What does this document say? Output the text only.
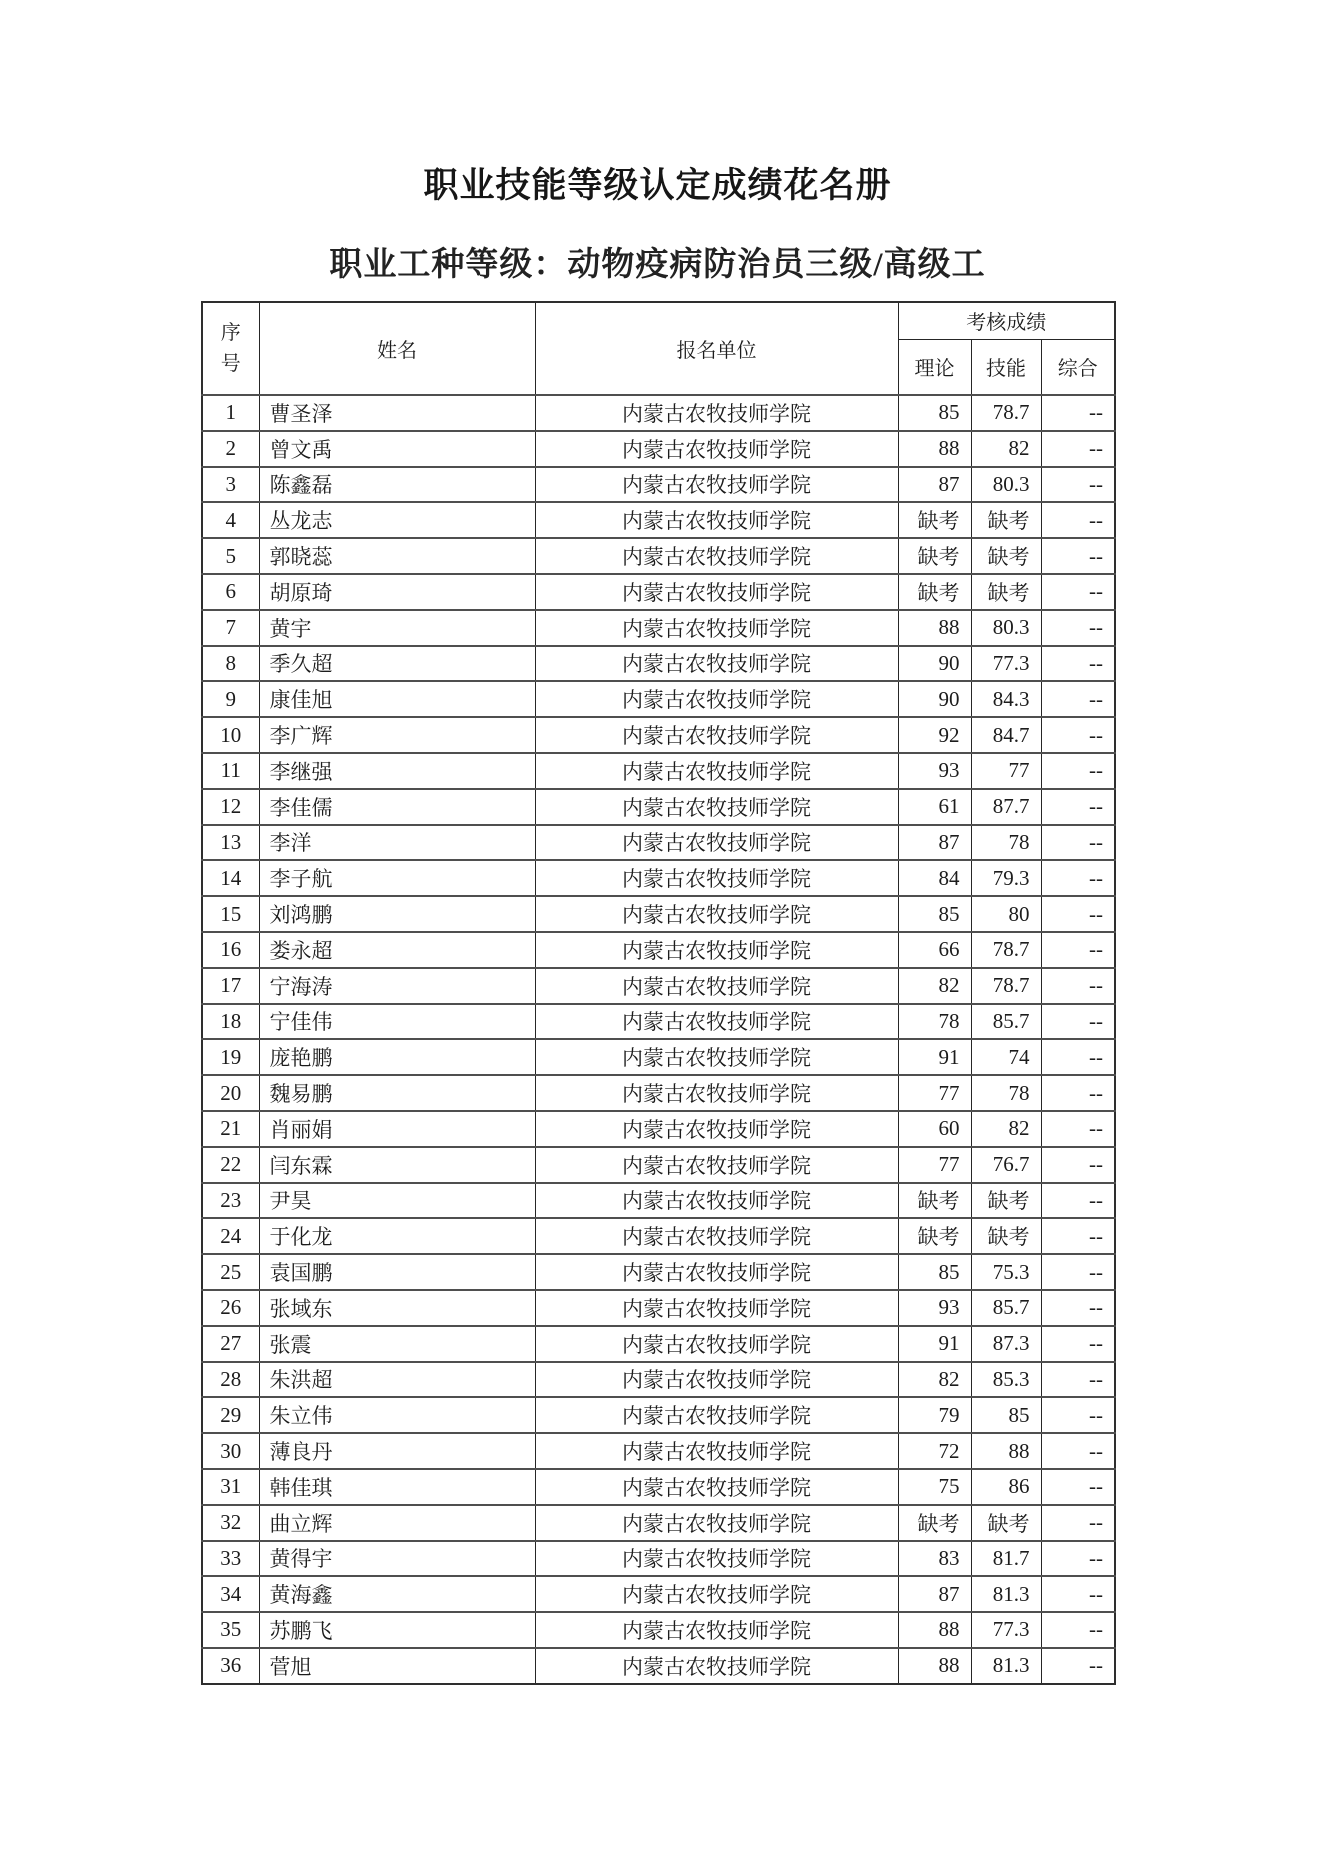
职业技能等级认定成绩花名册
职业工种等级：动物疫病防治员三级/高级工
序号	姓名	报名单位	考核成绩		
			理论	技能	综合
1	曹圣泽	内蒙古农牧技师学院	85	78.7	--
2	曾文禹	内蒙古农牧技师学院	88	82	--
3	陈鑫磊	内蒙古农牧技师学院	87	80.3	--
4	丛龙志	内蒙古农牧技师学院	缺考	缺考	--
5	郭晓蕊	内蒙古农牧技师学院	缺考	缺考	--
6	胡原琦	内蒙古农牧技师学院	缺考	缺考	--
7	黄宇	内蒙古农牧技师学院	88	80.3	--
8	季久超	内蒙古农牧技师学院	90	77.3	--
9	康佳旭	内蒙古农牧技师学院	90	84.3	--
10	李广辉	内蒙古农牧技师学院	92	84.7	--
11	李继强	内蒙古农牧技师学院	93	77	--
12	李佳儒	内蒙古农牧技师学院	61	87.7	--
13	李洋	内蒙古农牧技师学院	87	78	--
14	李子航	内蒙古农牧技师学院	84	79.3	--
15	刘鸿鹏	内蒙古农牧技师学院	85	80	--
16	娄永超	内蒙古农牧技师学院	66	78.7	--
17	宁海涛	内蒙古农牧技师学院	82	78.7	--
18	宁佳伟	内蒙古农牧技师学院	78	85.7	--
19	庞艳鹏	内蒙古农牧技师学院	91	74	--
20	魏易鹏	内蒙古农牧技师学院	77	78	--
21	肖丽娟	内蒙古农牧技师学院	60	82	--
22	闫东霖	内蒙古农牧技师学院	77	76.7	--
23	尹昊	内蒙古农牧技师学院	缺考	缺考	--
24	于化龙	内蒙古农牧技师学院	缺考	缺考	--
25	袁国鹏	内蒙古农牧技师学院	85	75.3	--
26	张域东	内蒙古农牧技师学院	93	85.7	--
27	张震	内蒙古农牧技师学院	91	87.3	--
28	朱洪超	内蒙古农牧技师学院	82	85.3	--
29	朱立伟	内蒙古农牧技师学院	79	85	--
30	薄良丹	内蒙古农牧技师学院	72	88	--
31	韩佳琪	内蒙古农牧技师学院	75	86	--
32	曲立辉	内蒙古农牧技师学院	缺考	缺考	--
33	黄得宇	内蒙古农牧技师学院	83	81.7	--
34	黄海鑫	内蒙古农牧技师学院	87	81.3	--
35	苏鹏飞	内蒙古农牧技师学院	88	77.3	--
36	菅旭	内蒙古农牧技师学院	88	81.3	--
